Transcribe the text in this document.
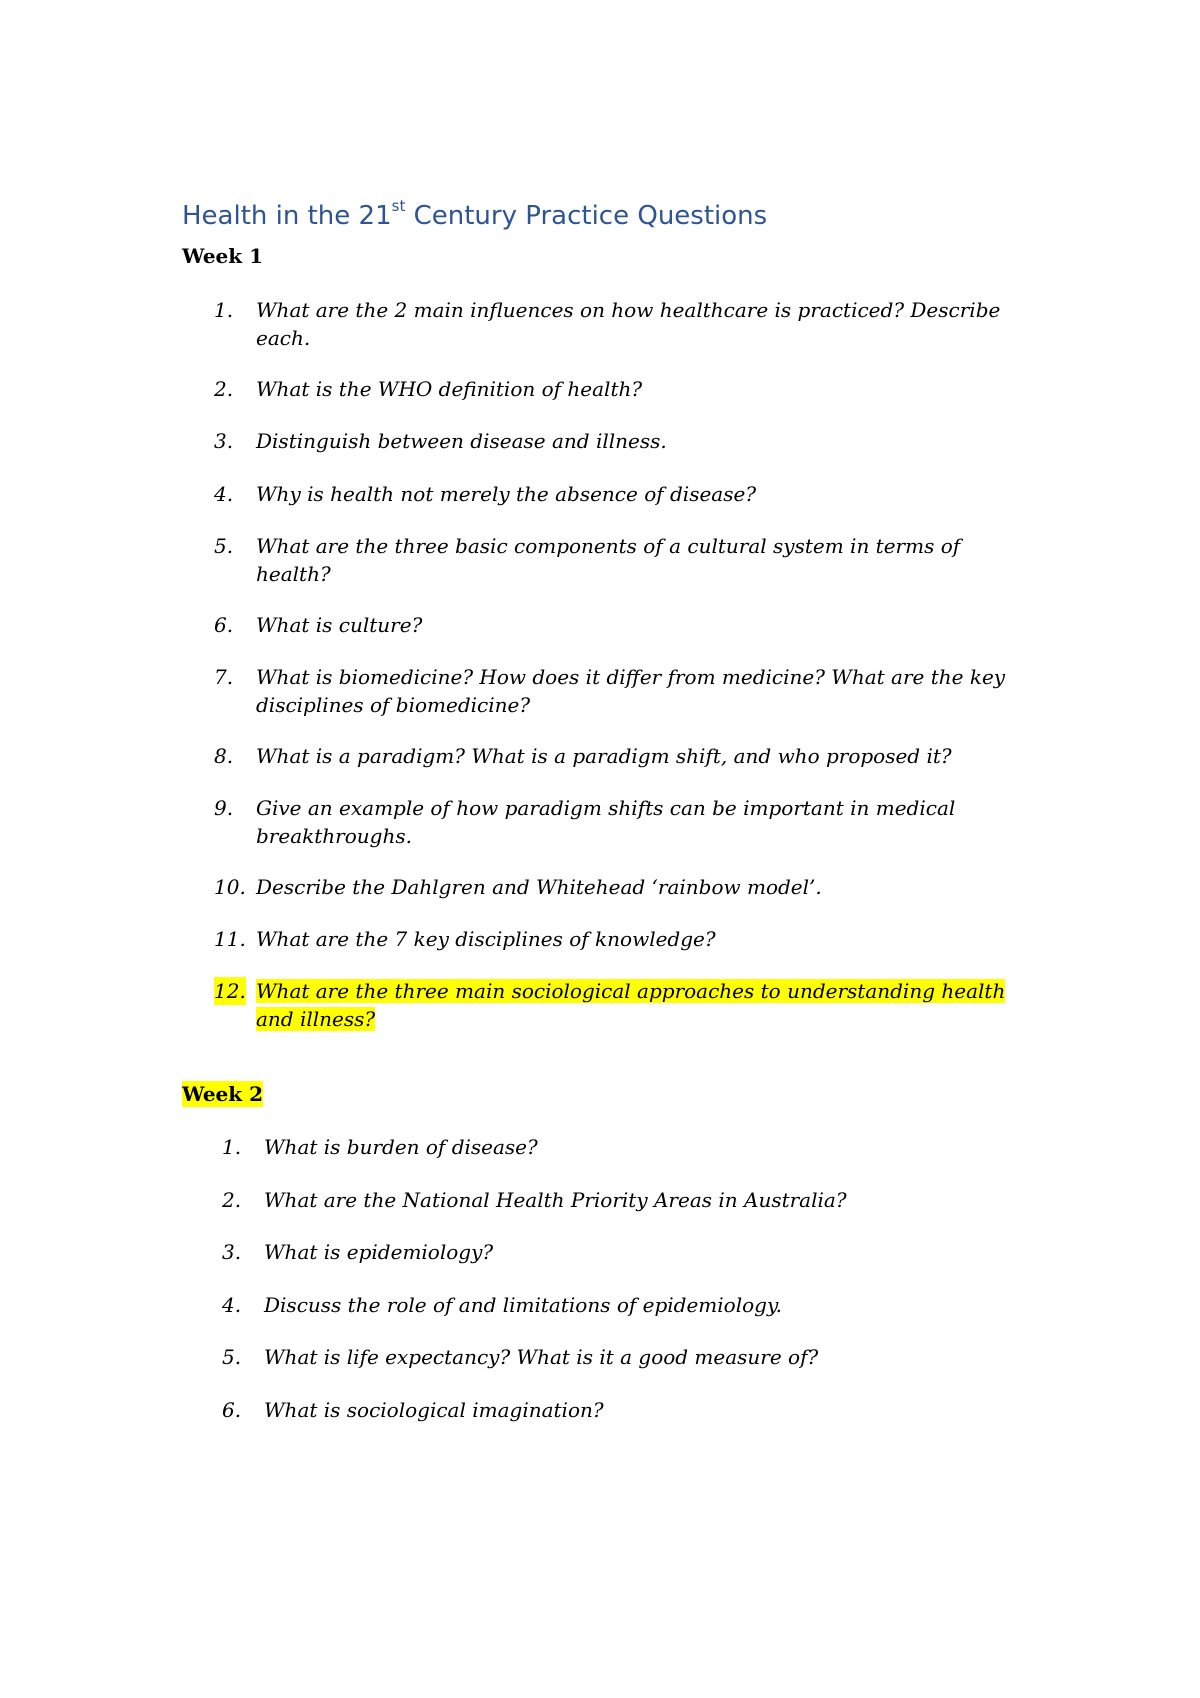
Health in the 21st Century Practice Questions
Week 1
1. What are the 2 main influences on how healthcare is practiced? Describe
each.
2. What is the WHO definition of health?
3. Distinguish between disease and illness.
4. Why is health not merely the absence of disease?
5. What are the three basic components of a cultural system in terms of
health?
6. What is culture?
7. What is biomedicine? How does it differ from medicine? What are the key
disciplines of biomedicine?
8. What is a paradigm? What is a paradigm shift, and who proposed it?
9. Give an example of how paradigm shifts can be important in medical
breakthroughs.
10. Describe the Dahlgren and Whitehead ‘rainbow model’.
11. What are the 7 key disciplines of knowledge?
12. What are the three main sociological approaches to understanding health
and illness?
Week 2
1. What is burden of disease?
2. What are the National Health Priority Areas in Australia?
3. What is epidemiology?
4. Discuss the role of and limitations of epidemiology.
5. What is life expectancy? What is it a good measure of?
6. What is sociological imagination?
